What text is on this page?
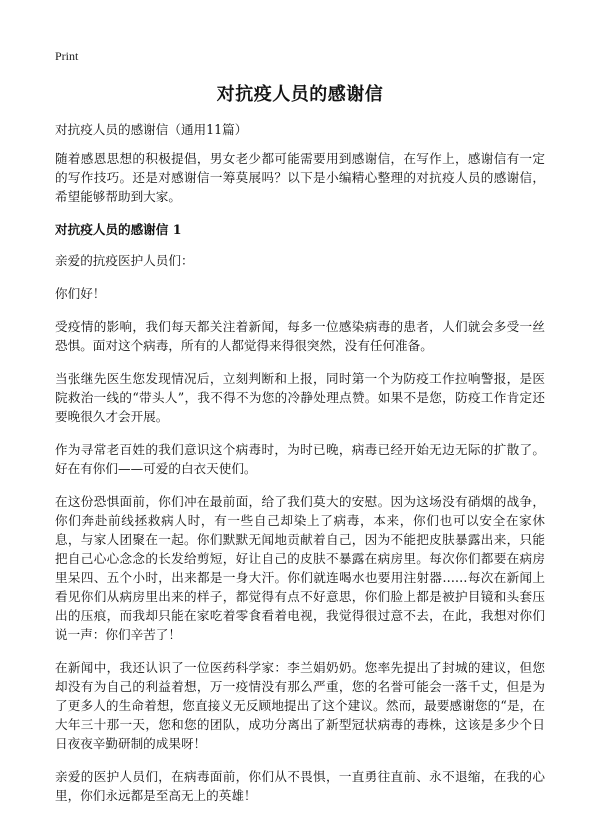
Print
对抗疫人员的感谢信

对抗疫人员的感谢信（通用11篇）

随着感恩思想的积极提倡，男女老少都可能需要用到感谢信，在写作上，感谢信有一定的写作技巧。还是对感谢信一筹莫展吗？以下是小编精心整理的对抗疫人员的感谢信，希望能够帮助到大家。

对抗疫人员的感谢信 1

亲爱的抗疫医护人员们：

你们好！

受疫情的影响，我们每天都关注着新闻，每多一位感染病毒的患者，人们就会多受一丝恐惧。面对这个病毒，所有的人都觉得来得很突然，没有任何准备。

当张继先医生您发现情况后，立刻判断和上报，同时第一个为防疫工作拉响警报，是医院救治一线的“带头人”，我不得不为您的冷静处理点赞。如果不是您，防疫工作肯定还要晚很久才会开展。

作为寻常老百姓的我们意识这个病毒时，为时已晚，病毒已经开始无边无际的扩散了。好在有你们——可爱的白衣天使们。

在这份恐惧面前，你们冲在最前面，给了我们莫大的安慰。因为这场没有硝烟的战争，你们奔赴前线拯救病人时，有一些自己却染上了病毒，本来，你们也可以安全在家休息，与家人团聚在一起。你们默默无闻地贡献着自己，因为不能把皮肤暴露出来，只能把自己心心念念的长发给剪短，好让自己的皮肤不暴露在病房里。每次你们都要在病房里呆四、五个小时，出来都是一身大汗。你们就连喝水也要用注射器……每次在新闻上看见你们从病房里出来的样子，都觉得有点不好意思，你们脸上都是被护目镜和头套压出的压痕，而我却只能在家吃着零食看着电视，我觉得很过意不去，在此，我想对你们说一声：你们辛苦了！

在新闻中，我还认识了一位医药科学家：李兰娟奶奶。您率先提出了封城的建议，但您却没有为自己的利益着想，万一疫情没有那么严重，您的名誉可能会一落千丈，但是为了更多人的生命着想，您直接义无反顾地提出了这个建议。然而，最要感谢您的“是，在大年三十那一天，您和您的团队，成功分离出了新型冠状病毒的毒株，这该是多少个日日夜夜辛勤研制的成果呀！

亲爱的医护人员们，在病毒面前，你们从不畏惧，一直勇往直前、永不退缩，在我的心里，你们永远都是至高无上的英雄！
